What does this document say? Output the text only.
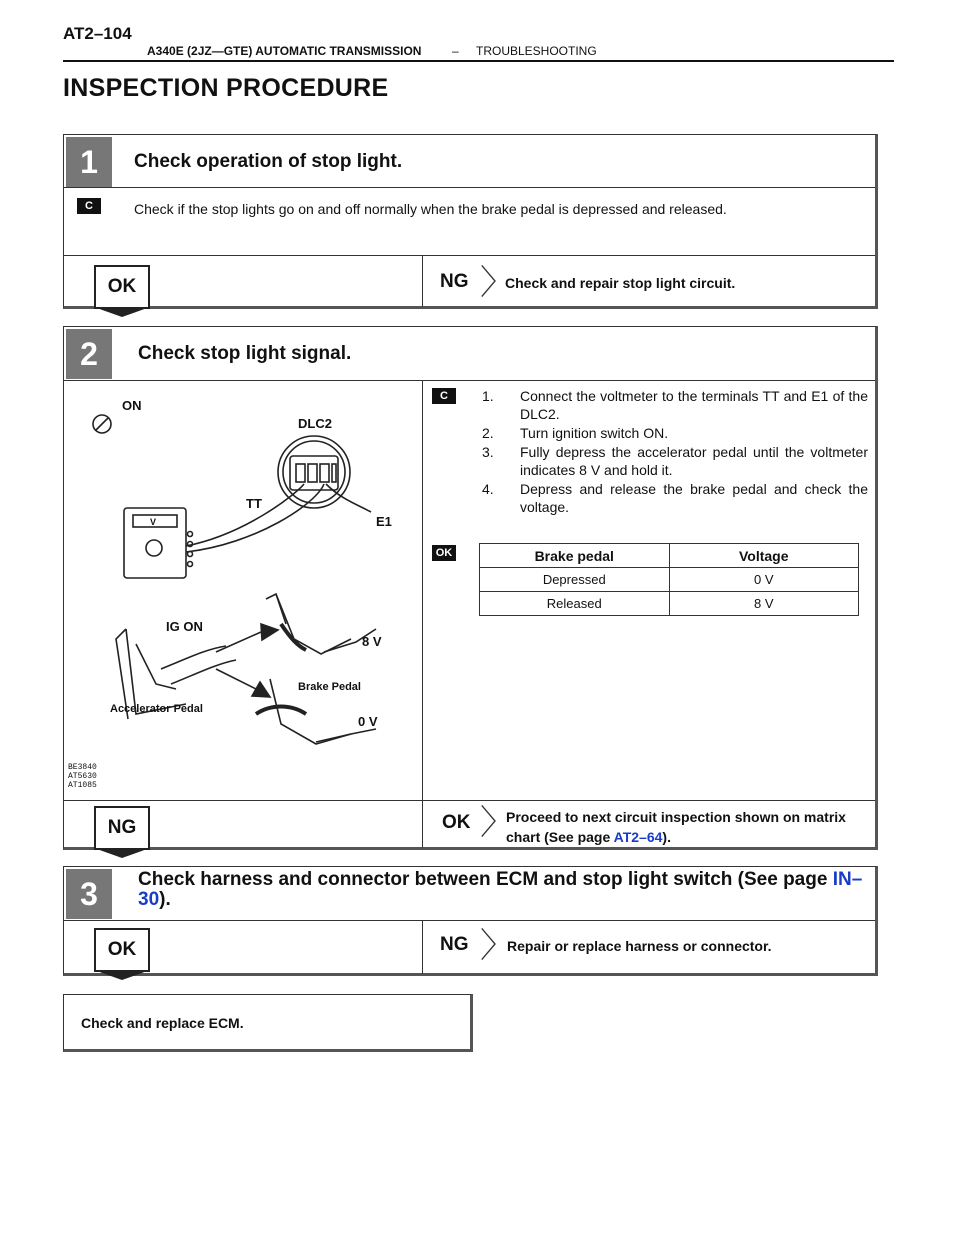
AT2–104
A340E (2JZ—GTE) AUTOMATIC TRANSMISSION	– TROUBLESHOOTING
INSPECTION PROCEDURE
1	Check operation of stop light.
C	Check if the stop lights go on and off normally when the brake pedal is depressed and released.
OK	NG 〉
Check and repair stop light circuit.
2	Check stop light signal.
ON
DLC2
TT
E1
V
IG ON
8 V
Brake Pedal
Accelerator Pedal
0 V
BE3840
AT5630
AT1085
C	1. Connect the voltmeter to the terminals TT and E1 of the DLC2.
2. Turn ignition switch ON.
3. Fully depress the accelerator pedal until the voltmeter indicates 8 V and hold it.
4. Depress and release the brake pedal and check the voltage.
OK	Brake pedal	Voltage
Depressed	0 V
Released	8 V
NG	OK 〉
Proceed to next circuit inspection shown on matrix chart (See page AT2–64).
3	Check harness and connector between ECM and stop light switch (See page IN–30).
OK	NG 〉
Repair or replace harness or connector.
Check and replace ECM.
